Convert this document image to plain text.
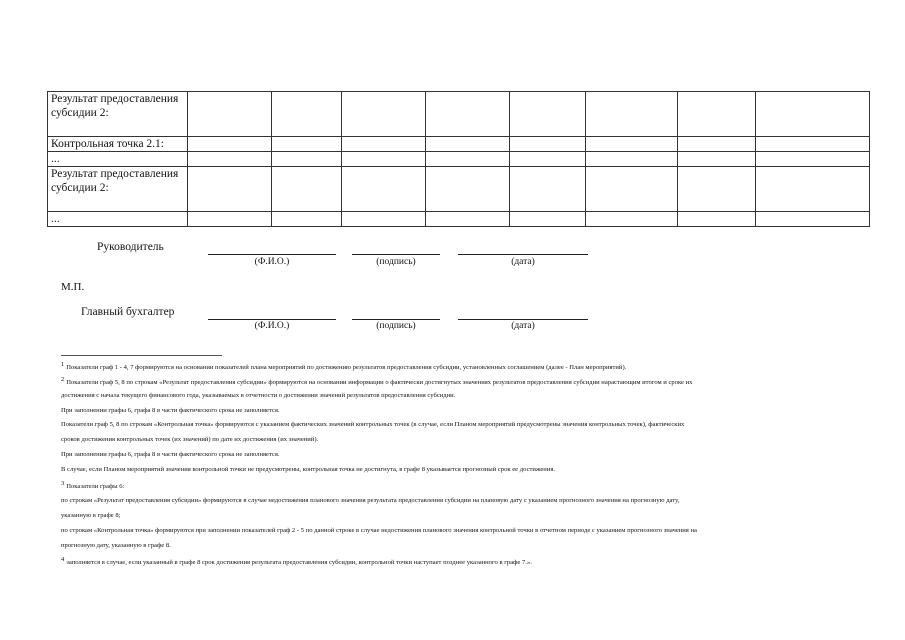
Результат предоставления субсидии 2:								
Контрольная точка 2.1:								
...								
Результат предоставления субсидии 2:								
...								
Руководитель
(Ф.И.О.)	(подпись)	(дата)
М.П.
Главный бухгалтер
(Ф.И.О.)	(подпись)	(дата)
$^1$ Показатели граф 1 - 4, 7 формируются на основании показателей плана мероприятий по достижению результатов предоставления субсидии, установленных соглашением (далее - План мероприятий).
$^2$ Показатели граф 5, 8 по строкам «Результат предоставления субсидии» формируются на основании информации о фактически достигнутых значениях результатов предоставления субсидии нарастающим итогом и сроке их
достижения с начала текущего финансового года, указываемых в отчетности о достижении значений результатов предоставления субсидии.
При заполнении графы 6, графа 8 в части фактического срока не заполняется.
Показатели граф 5, 8 по строкам «Контрольная точка» формируются с указанием фактических значений контрольных точек (в случае, если Планом мероприятий предусмотрены значения контрольных точек), фактических
сроков достижения контрольных точек (их значений) по дате их достижения (их значений).
При заполнении графы 6, графа 8 в части фактического срока не заполняется.
В случае, если Планом мероприятий значения контрольной точки не предусмотрены, контрольная точка не достигнута, в графе 8 указывается прогнозный срок ее достижения.
$^3$ Показатели графы 6:
по строкам «Результат предоставления субсидии» формируются в случае недостижения планового значения результата предоставления субсидии на плановую дату с указанием прогнозного значения на прогнозную дату,
указанную в графе 8;
по строкам «Контрольная точка» формируются при заполнении показателей граф 2 - 5 по данной строке в случае недостижения планового значения контрольной точки в отчетном периоде с указанием прогнозного значения на
прогнозную дату, указанную в графе 8.
$^4$ заполняется в случае, если указанный в графе 8 срок достижения результата предоставления субсидии, контрольной точки наступает позднее указанного в графе 7.».
